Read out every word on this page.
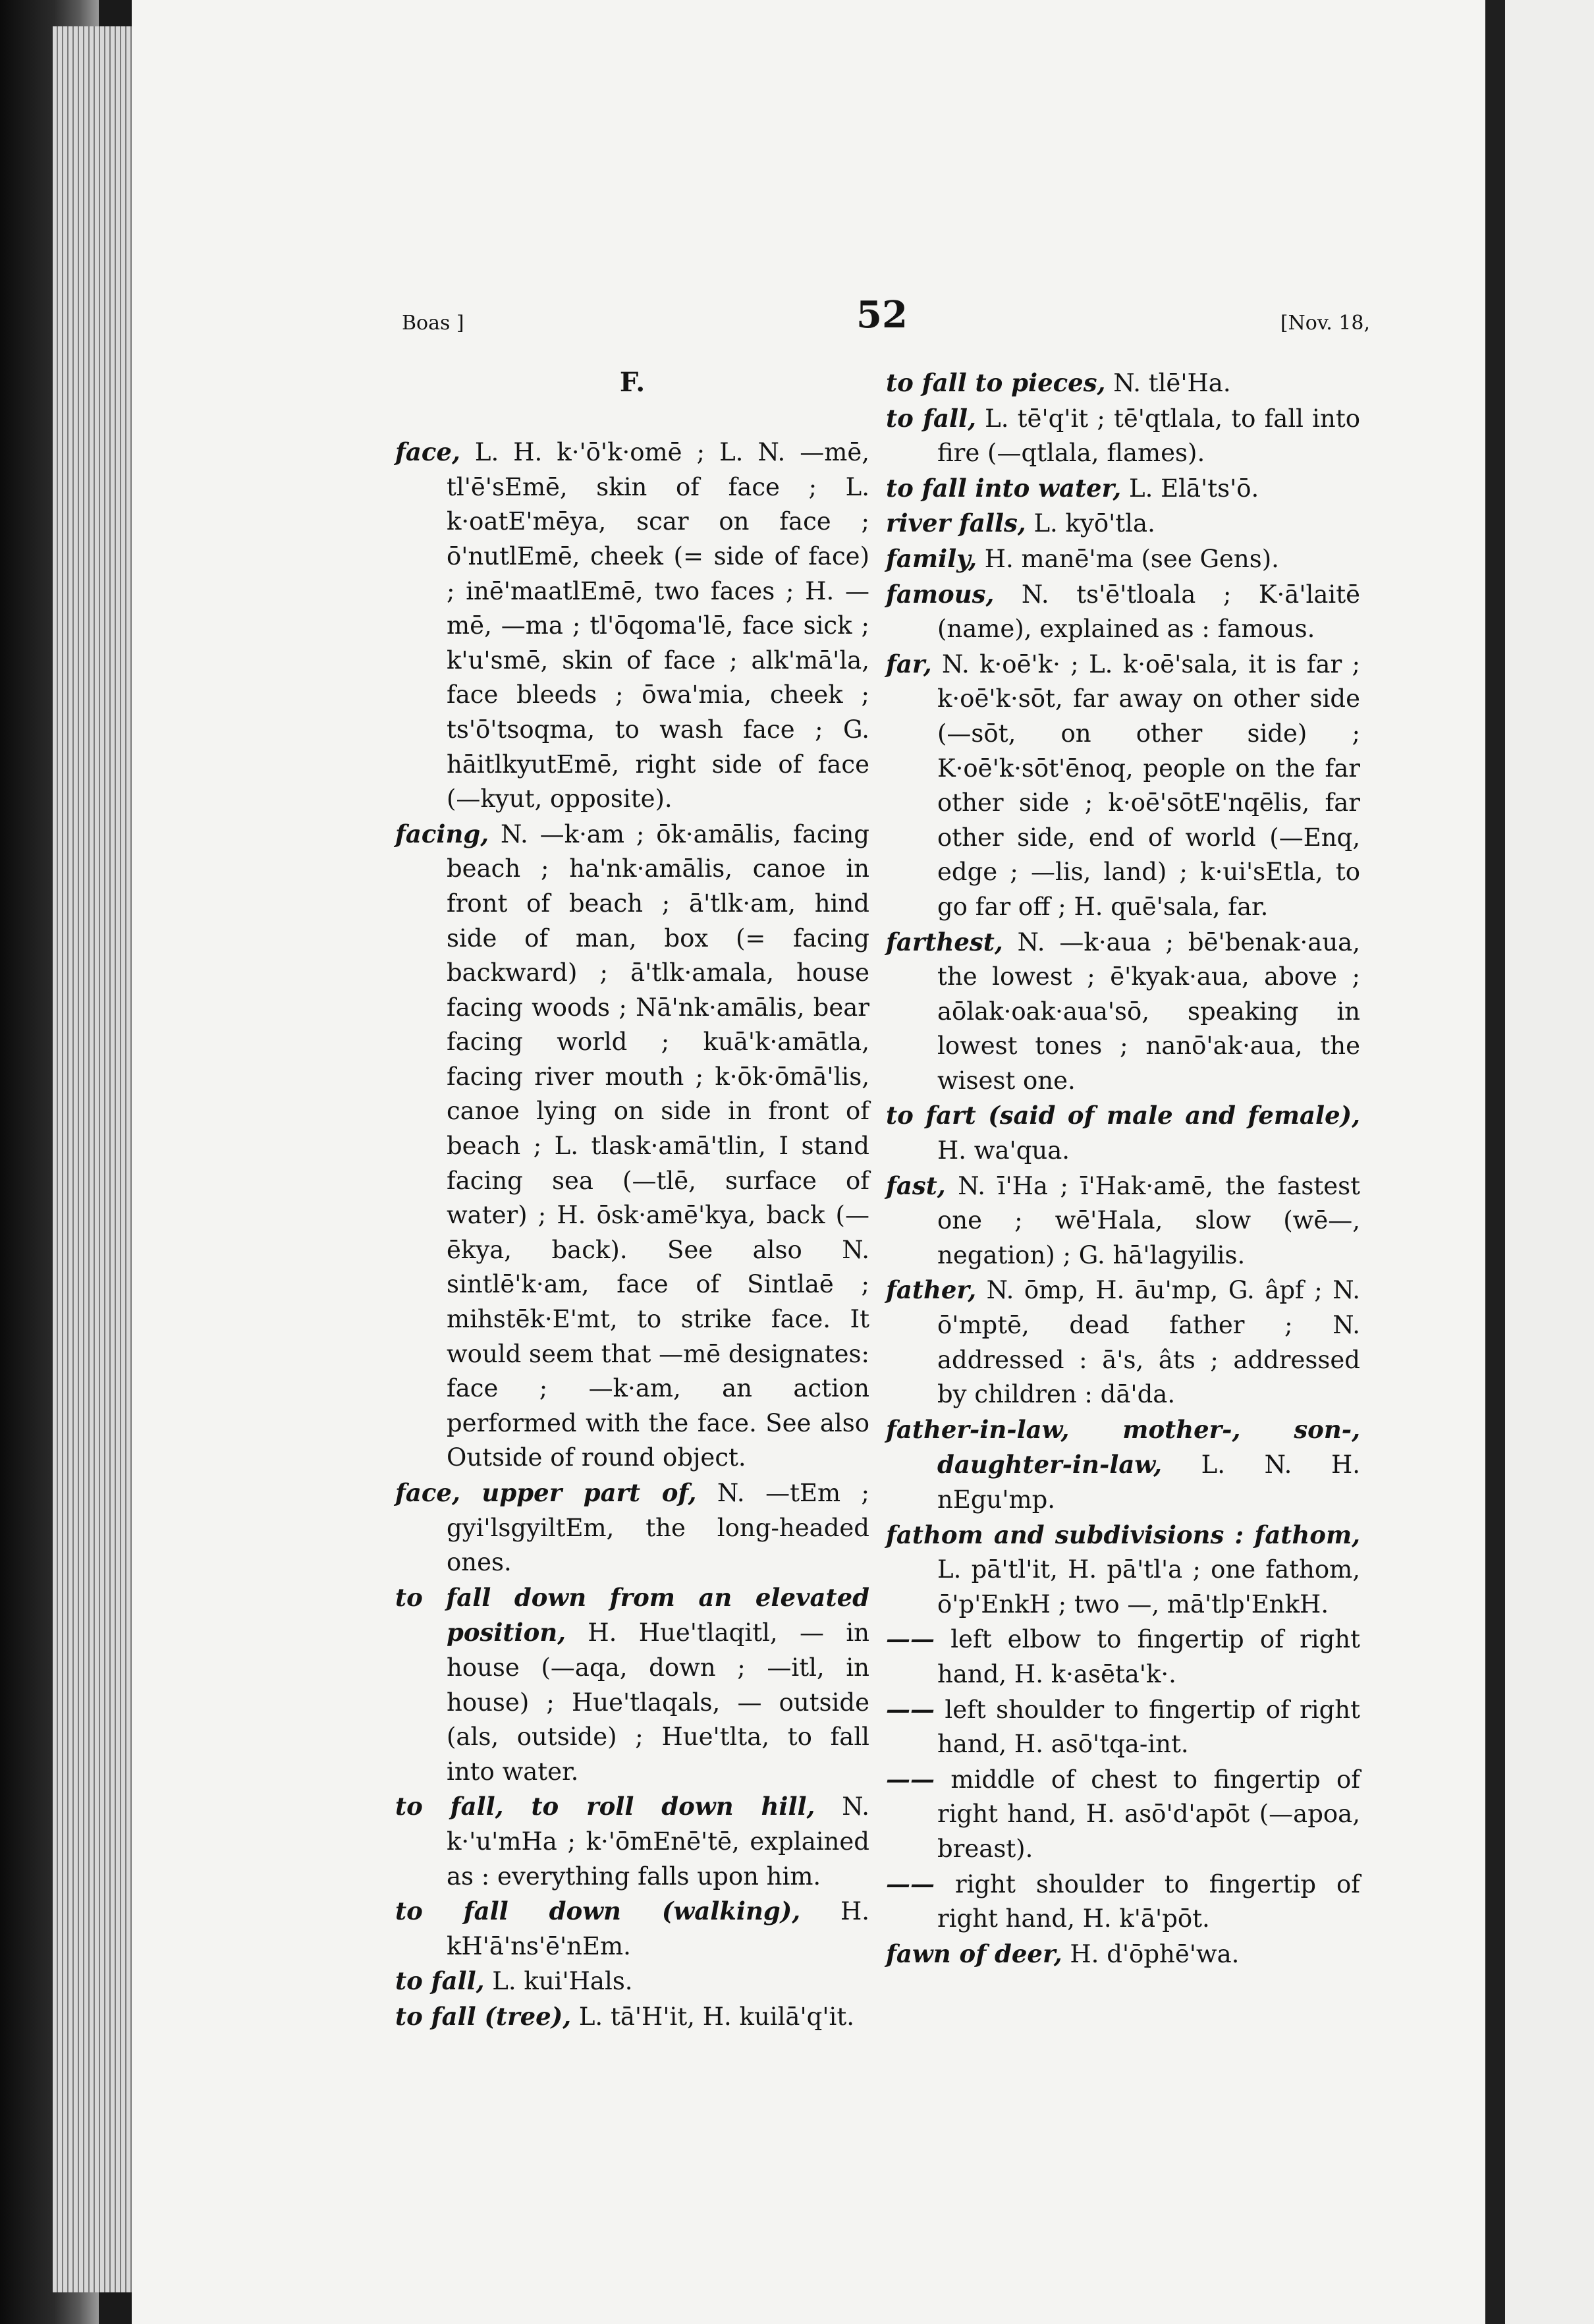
Boas ]	52	[Nov. 18,
F.

face, L. H. k·'ō'k·omē ; L. N. —mē, tl'ē'sEmē, skin of face ; L. k·oatE'mēya, scar on face ; ō'nutlEmē, cheek (= side of face) ; inē'maatlEmē, two faces ; H. —mē, —ma ; tl'ōqoma'lē, face sick ; k'u'smē, skin of face ; alk'mā'la, face bleeds ; ōwa'mia, cheek ; ts'ō'tsoqma, to wash face ; G. hāitlkyutEmē, right side of face (—kyut, opposite).

facing, N. —k·am ; ōk·amālis, facing beach ; ha'nk·amālis, canoe in front of beach ; ā'tlk·am, hind side of man, box (= facing backward) ; ā'tlk·amala, house facing woods ; Nā'nk·amālis, bear facing world ; kuā'k·amātla, facing river mouth ; k·ōk·ōmā'lis, canoe lying on side in front of beach ; L. tlask·amā'tlin, I stand facing sea (—tlē, surface of water) ; H. ōsk·amē'kya, back (—ēkya, back). See also N. sintlē'k·am, face of Sintlaē ; mihstēk·E'mt, to strike face. It would seem that —mē designates: face ; —k·am, an action performed with the face. See also Outside of round object.

face, upper part of, N. —tEm ; gyi'lsgyiltEm, the long-headed ones.

to fall down from an elevated position, H. Hue'tlaqitl, — in house (—aqa, down ; —itl, in house) ; Hue'tlaqals, — outside (als, outside) ; Hue'tlta, to fall into water.

to fall, to roll down hill, N. k·'u'mHa ; k·'ōmEnē'tē, explained as : everything falls upon him.

to fall down (walking), H. kH'ā'ns'ē'nEm.

to fall, L. kui'Hals.

to fall (tree), L. tā'H'it, H. kuilā'q'it.

to fall to pieces, N. tlē'Ha.

to fall, L. tē'q'it ; tē'qtlala, to fall into fire (—qtlala, flames).

to fall into water, L. Elā'ts'ō.

river falls, L. kyō'tla.

family, H. manē'ma (see Gens).

famous, N. ts'ē'tloala ; K·ā'laitē (name), explained as : famous.

far, N. k·oē'k· ; L. k·oē'sala, it is far ; k·oē'k·sōt, far away on other side (—sōt, on other side) ; K·oē'k·sōt'ēnoq, people on the far other side ; k·oē'sōtE'nqēlis, far other side, end of world (—Enq, edge ; —lis, land) ; k·ui'sEtla, to go far off ; H. quē'sala, far.

farthest, N. —k·aua ; bē'benak·aua, the lowest ; ē'kyak·aua, above ; aōlak·oak·aua'sō, speaking in lowest tones ; nanō'ak·aua, the wisest one.

to fart (said of male and female), H. wa'qua.

fast, N. ī'Ha ; ī'Hak·amē, the fastest one ; wē'Hala, slow (wē—, negation) ; G. hā'lagyilis.

father, N. ōmp, H. āu'mp, G. âpf ; N. ō'mptē, dead father ; N. addressed : ā's, âts ; addressed by children : dā'da.

father-in-law, mother-, son-, daughter-in-law, L. N. H. nEgu'mp.

fathom and subdivisions : fathom, L. pā'tl'it, H. pā'tl'a ; one fathom, ō'p'EnkH ; two —, mā'tlp'EnkH.

—— left elbow to fingertip of right hand, H. k·asēta'k·.

—— left shoulder to fingertip of right hand, H. asō'tqa-int.

—— middle of chest to fingertip of right hand, H. asō'd'apōt (—apoa, breast).

—— right shoulder to fingertip of right hand, H. k'ā'pōt.

fawn of deer, H. d'ōphē'wa.
